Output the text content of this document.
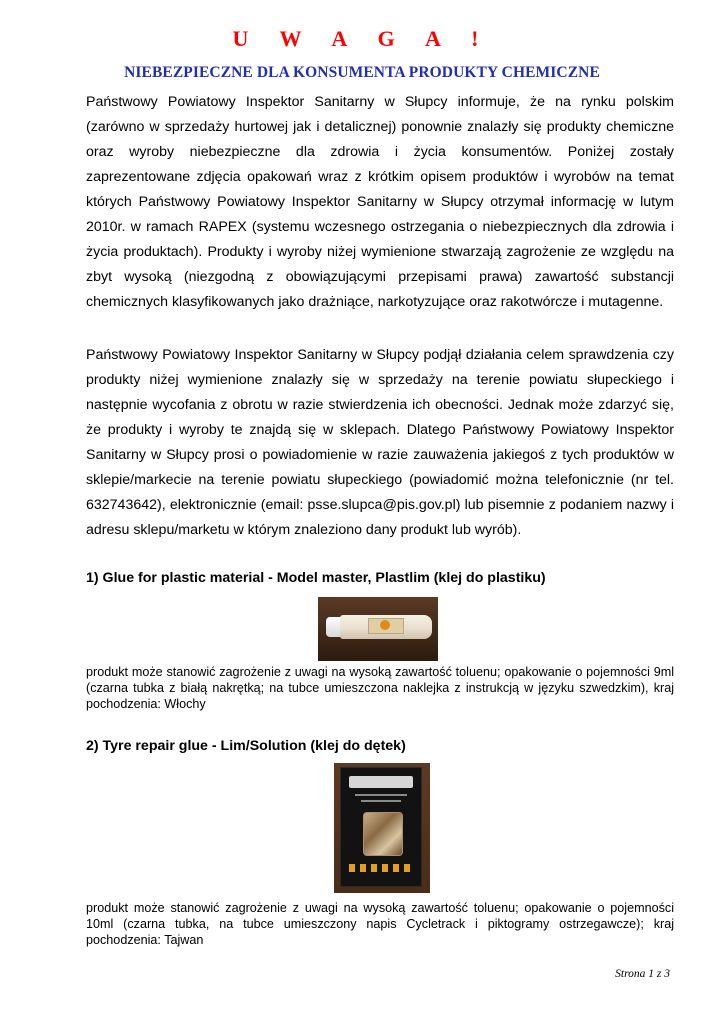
U W A G A !
NIEBEZPIECZNE DLA KONSUMENTA PRODUKTY CHEMICZNE

Państwowy Powiatowy Inspektor Sanitarny w Słupcy informuje, że na rynku polskim (zarówno w sprzedaży hurtowej jak i detalicznej) ponownie znalazły się produkty chemiczne oraz wyroby niebezpieczne dla zdrowia i życia konsumentów. Poniżej zostały zaprezentowane zdjęcia opakowań wraz z krótkim opisem produktów i wyrobów na temat których Państwowy Powiatowy Inspektor Sanitarny w Słupcy otrzymał informację w lutym 2010r. w ramach RAPEX (systemu wczesnego ostrzegania o niebezpiecznych dla zdrowia i życia produktach). Produkty i wyroby niżej wymienione stwarzają zagrożenie ze względu na zbyt wysoką (niezgodną z obowiązującymi przepisami prawa) zawartość substancji chemicznych klasyfikowanych jako drażniące, narkotyzujące oraz rakotwórcze i mutagenne.

Państwowy Powiatowy Inspektor Sanitarny w Słupcy podjął działania celem sprawdzenia czy produkty niżej wymienione znalazły się w sprzedaży na terenie powiatu słupeckiego i następnie wycofania z obrotu w razie stwierdzenia ich obecności. Jednak może zdarzyć się, że produkty i wyroby te znajdą się w sklepach. Dlatego Państwowy Powiatowy Inspektor Sanitarny w Słupcy prosi o powiadomienie w razie zauważenia jakiegoś z tych produktów w sklepie/markecie na terenie powiatu słupeckiego (powiadomić można telefonicznie (nr tel. 632743642), elektronicznie (email: psse.slupca@pis.gov.pl) lub pisemnie z podaniem nazwy i adresu sklepu/marketu w którym znaleziono dany produkt lub wyrób).

1) Glue for plastic material - Model master, Plastlim (klej do plastiku)

produkt może stanowić zagrożenie z uwagi na wysoką zawartość toluenu; opakowanie o pojemności 9ml (czarna tubka z białą nakrętką; na tubce umieszczona naklejka z instrukcją w języku szwedzkim), kraj pochodzenia: Włochy

2) Tyre repair glue - Lim/Solution (klej do dętek)

produkt może stanowić zagrożenie z uwagi na wysoką zawartość toluenu; opakowanie o pojemności 10ml (czarna tubka, na tubce umieszczony napis Cycletrack i piktogramy ostrzegawcze); kraj pochodzenia: Tajwan

Strona 1 z 3
